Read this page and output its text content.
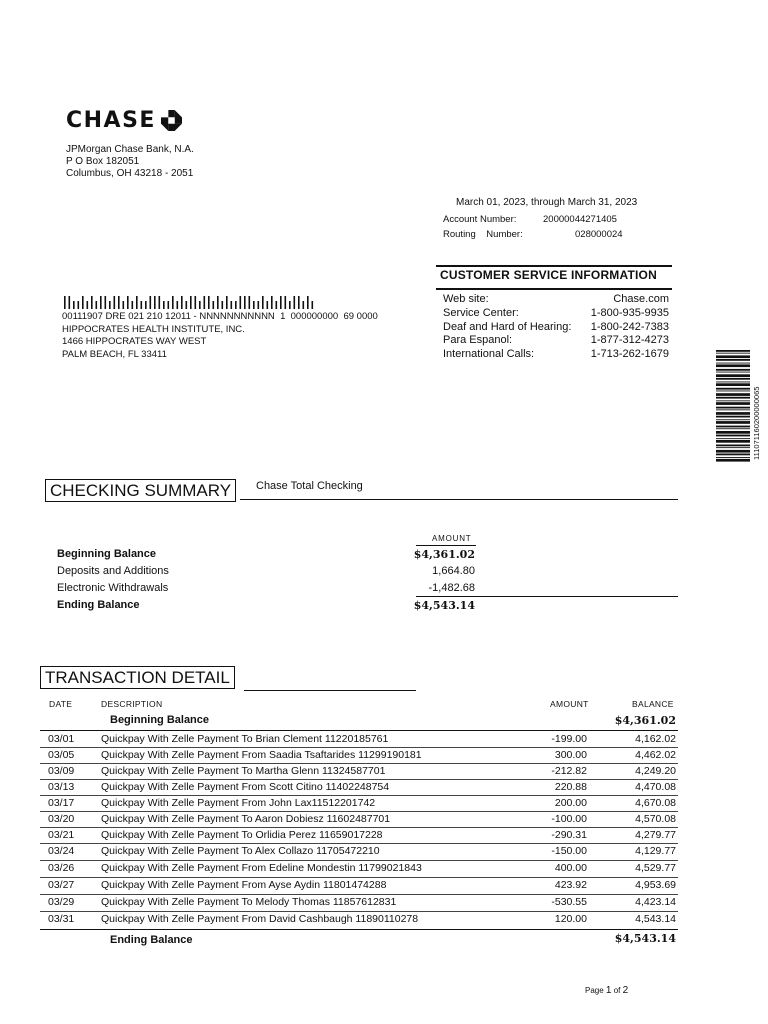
CHASE
JPMorgan Chase Bank, N.A.
P O Box 182051
Columbus, OH 43218 - 2051
March 01, 2023, through March 31, 2023
Account Number:	20000044271405
Routing    Number:	028000024
00111907 DRE 021 210 12011 - NNNNNNNNNNN  1  000000000  69 0000
HIPPOCRATES HEALTH INSTITUTE, INC.
1466 HIPPOCRATES WAY WEST
PALM BEACH, FL 33411
CUSTOMER SERVICE INFORMATION
Web site:	Chase.com
Service Center:	1-800-935-9935
Deaf and Hard of Hearing: 1-800-242-7383
Para Espanol:	1-877-312-4273
International Calls:	1-713-262-1679
111071160200000065
CHECKING SUMMARY	Chase Total Checking
AMOUNT
Beginning Balance	$4,361.02
Deposits and Additions	1,664.80
Electronic Withdrawals	-1,482.68
Ending Balance	$4,543.14
TRANSACTION DETAIL
DATE	DESCRIPTION	AMOUNT	BALANCE
Beginning Balance	$4,361.02
03/01	Quickpay With Zelle Payment To Brian Clement 11220185761	-199.00	4,162.02
03/05	Quickpay With Zelle Payment From Saadia Tsaftarides 11299190181	300.00	4,462.02
03/09	Quickpay With Zelle Payment To Martha Glenn 11324587701	-212.82	4,249.20
03/13	Quickpay With Zelle Payment From Scott Citino 11402248754	220.88	4,470.08
03/17	Quickpay With Zelle Payment From John Lax11512201742	200.00	4,670.08
03/20	Quickpay With Zelle Payment To Aaron Dobiesz 11602487701	-100.00	4,570.08
03/21	Quickpay With Zelle Payment To Orlidia Perez 11659017228	-290.31	4,279.77
03/24	Quickpay With Zelle Payment To Alex Collazo 11705472210	-150.00	4,129.77
03/26	Quickpay With Zelle Payment From Edeline Mondestin 11799021843	400.00	4,529.77
03/27	Quickpay With Zelle Payment From Ayse Aydin 11801474288	423.92	4,953.69
03/29	Quickpay With Zelle Payment To Melody Thomas 11857612831	-530.55	4,423.14
03/31	Quickpay With Zelle Payment From David Cashbaugh 11890110278	120.00	4,543.14
Ending Balance	$4,543.14
Page 1 of 2
